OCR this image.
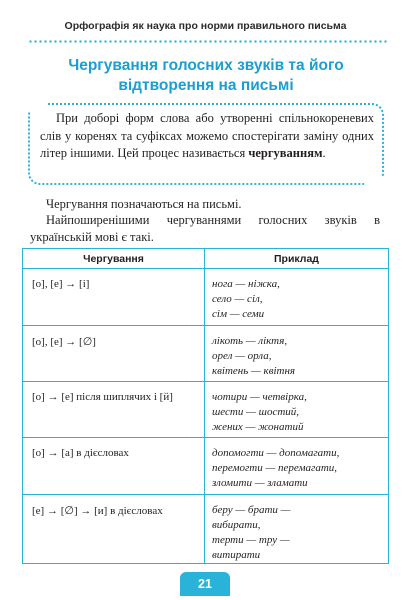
Орфографія як наука про норми правильного письма
Чергування голосних звуків та його
відтворення на письмі

При доборі форм слова або утворенні спільнокореневих слів у коренях та суфіксах можемо спостерігати заміну одних літер іншими. Цей процес називається чергуванням.

Чергування позначаються на письмі.

Найпоширенішими чергуваннями голосних звуків в українській мові є такі.

Чергування	Приклад
[о], [е] → [і]	нога — ніжка,
село — сіл,
сім — семи

[о], [е] → [∅]	лікоть — ліктя,
орел — орла,
квітень — квітня

[о] → [е] після шиплячих і [й]	чотири — четвірка,
шести — шостий,
жених — жонатий

[о] → [а] в дієсловах	допомогти — допомагати,
перемогти — перемагати,
зломити — зламати

[е] → [∅] → [и] в дієсловах	беру — брати —
вибирати,
терти — тру —
витирати
21
